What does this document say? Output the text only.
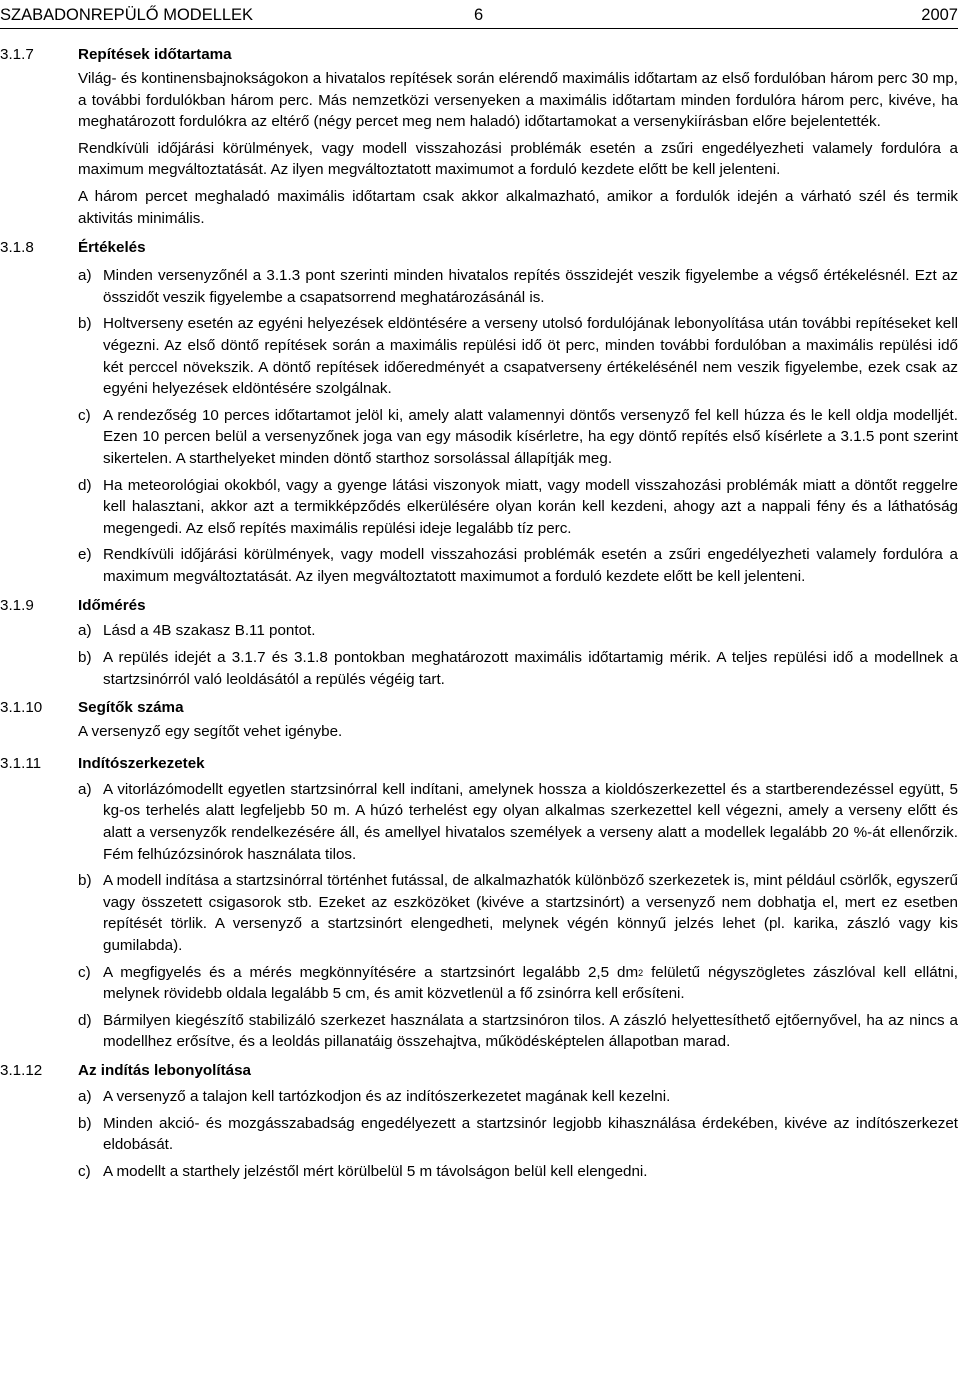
SZABADONREPÜLŐ MODELLEK	6	2007
3.1.7	Repítések időtartama

Világ- és kontinensbajnokságokon a hivatalos repítések során elérendő maximális időtartam az első fordulóban három perc 30 mp, a további fordulókban három perc. Más nemzetközi versenyeken a maximális időtartam minden fordulóra három perc, kivéve, ha meghatározott fordulókra az eltérő (négy percet meg nem haladó) időtartamokat a versenykiírásban előre bejelentették.

Rendkívüli időjárási körülmények, vagy modell visszahozási problémák esetén a zsűri engedélyezheti valamely fordulóra a maximum megváltoztatását. Az ilyen megváltoztatott maximumot a forduló kezdete előtt be kell jelenteni.

A három percet meghaladó maximális időtartam csak akkor alkalmazható, amikor a fordulók idején a várható szél és termik aktivitás minimális.

3.1.8	Értékelés
a) Minden versenyzőnél a 3.1.3 pont szerinti minden hivatalos repítés összidejét veszik figyelembe a végső értékelésnél. Ezt az összidőt veszik figyelembe a csapatsorrend meghatározásánál is.
b) Holtverseny esetén az egyéni helyezések eldöntésére a verseny utolsó fordulójának lebonyolítása után további repítéseket kell végezni. Az első döntő repítések során a maximális repülési idő öt perc, minden további fordulóban a maximális repülési idő két perccel növekszik. A döntő repítések időeredményét a csapatverseny értékelésénél nem veszik figyelembe, ezek csak az egyéni helyezések eldöntésére szolgálnak.
c) A rendezőség 10 perces időtartamot jelöl ki, amely alatt valamennyi döntős versenyző fel kell húzza és le kell oldja modelljét. Ezen 10 percen belül a versenyzőnek joga van egy második kísérletre, ha egy döntő repítés első kísérlete a 3.1.5 pont szerint sikertelen. A starthelyeket minden döntő starthoz sorsolással állapítják meg.
d) Ha meteorológiai okokból, vagy a gyenge látási viszonyok miatt, vagy modell visszahozási problémák miatt a döntőt reggelre kell halasztani, akkor azt a termikképződés elkerülésére olyan korán kell kezdeni, ahogy azt a nappali fény és a láthatóság megengedi. Az első repítés maximális repülési ideje legalább tíz perc.
e) Rendkívüli időjárási körülmények, vagy modell visszahozási problémák esetén a zsűri engedélyezheti valamely fordulóra a maximum megváltoztatását. Az ilyen megváltoztatott maximumot a forduló kezdete előtt be kell jelenteni.
3.1.9	Időmérés
a) Lásd a 4B szakasz B.11 pontot.
b) A repülés idejét a 3.1.7 és 3.1.8 pontokban meghatározott maximális időtartamig mérik. A teljes repülési idő a modellnek a startzsinórról való leoldásától a repülés végéig tart.
3.1.10	Segítők száma

A versenyző egy segítőt vehet igénybe.

3.1.11	Indítószerkezetek
a) A vitorlázómodellt egyetlen startzsinórral kell indítani, amelynek hossza a kioldószerkezettel és a startberendezéssel együtt, 5 kg-os terhelés alatt legfeljebb 50 m. A húzó terhelést egy olyan alkalmas szerkezettel kell végezni, amely a verseny előtt és alatt a versenyzők rendelkezésére áll, és amellyel hivatalos személyek a verseny alatt a modellek legalább 20 %-át ellenőrzik. Fém felhúzózsinórok használata tilos.
b) A modell indítása a startzsinórral történhet futással, de alkalmazhatók különböző szerkezetek is, mint például csörlők, egyszerű vagy összetett csigasorok stb. Ezeket az eszközöket (kivéve a startzsinórt) a versenyző nem dobhatja el, mert ez esetben repítését törlik. A versenyző a startzsinórt elengedheti, melynek végén könnyű jelzés lehet (pl. karika, zászló vagy kis gumilabda).
c) A megfigyelés és a mérés megkönnyítésére a startzsinórt legalább 2,5 $dm^2$ felületű négyszögletes zászlóval kell ellátni, melynek rövidebb oldala legalább 5 cm, és amit közvetlenül a fő zsinórra kell erősíteni.
d) Bármilyen kiegészítő stabilizáló szerkezet használata a startzsinóron tilos. A zászló helyettesíthető ejtőernyővel, ha az nincs a modellhez erősítve, és a leoldás pillanatáig összehajtva, működésképtelen állapotban marad.
3.1.12	Az indítás lebonyolítása
a) A versenyző a talajon kell tartózkodjon és az indítószerkezetet magának kell kezelni.
b) Minden akció- és mozgásszabadság engedélyezett a startzsinór legjobb kihasználása érdekében, kivéve az indítószerkezet eldobását.
c) A modellt a starthely jelzéstől mért körülbelül 5 m távolságon belül kell elengedni.
